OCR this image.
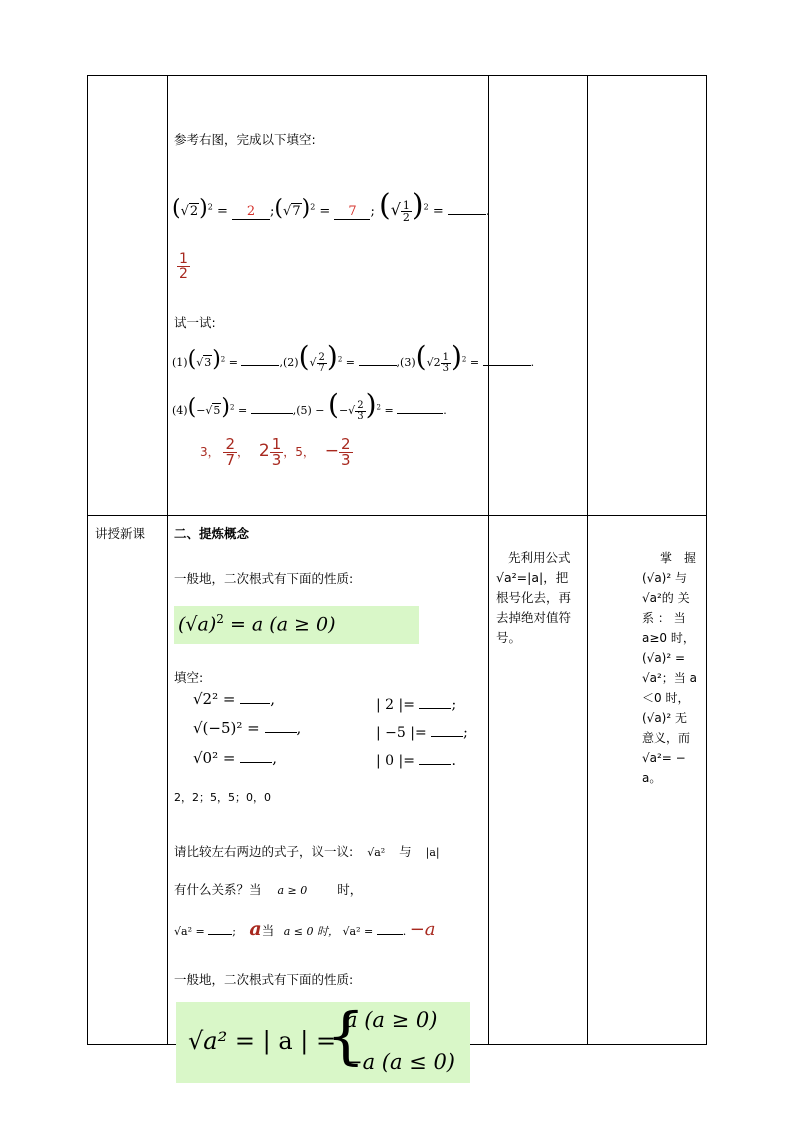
参考右图，完成以下填空:
$(√2)^2 = 2$ $;(√7)^2 = 7$ ; (√ $\frac{1}{2} )^2$ =	.
$\frac{1}{2}$
试一试:
$(1)(√3)^2$ =	$,(2)(√ \frac{2}{7} )^2$ =	$,(3)(√2 \frac{1}{3} )^2$ =	.
$(4)(-√5)^2$ =	,(5) − (−√ $\frac{2}{3} )^2$ =	.
3， $\frac{2}{7}$ ， $2 \frac{1}{3}$ ，5， − $\frac{2}{3}$
讲授新课 二、提炼概念
一般地，二次根式有下面的性质:
$(√a)^2 = a$ (a ≥ 0)
填空:
√2² = ,	| 2 |=	;
√(−5)² = ,	| −5 |=	;
√0² = ,	| 0 |=	.
2，2；5，5；0，0
请比较左右两边的式子，议一议: √a² 与 |a|
有什么关系？当 a ≥ 0 时，
√a² =	; a当 a ≤ 0 时， √a² =	. −a
一般地，二次根式有下面的性质:
√a² = | a | =
{
a (a ≥ 0)
−a (a ≤ 0)
先利用公式
√a²=|a|，把
根号化去，再
去掉绝对值符
号。
掌　握
(√a)² 与
√a²的 关
系 ： 当
a≥0 时，
(√a)² =
√a²；当 a
＜0 时，
(√a)² 无
意义，而
√a²= −
a。
